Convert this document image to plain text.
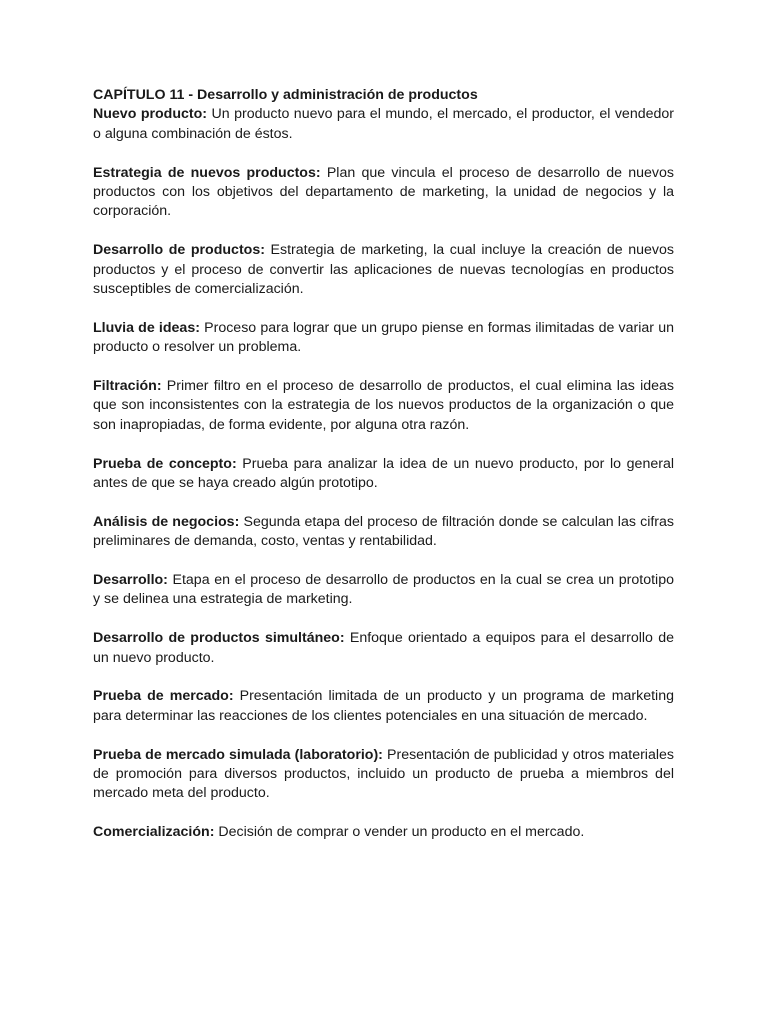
CAPÍTULO 11 - Desarrollo y administración de productos

Nuevo producto: Un producto nuevo para el mundo, el mercado, el productor, el vendedor o alguna combinación de éstos.

Estrategia de nuevos productos: Plan que vincula el proceso de desarrollo de nuevos productos con los objetivos del departamento de marketing, la unidad de negocios y la corporación.

Desarrollo de productos: Estrategia de marketing, la cual incluye la creación de nuevos productos y el proceso de convertir las aplicaciones de nuevas tecnologías en productos susceptibles de comercialización.

Lluvia de ideas: Proceso para lograr que un grupo piense en formas ilimitadas de variar un producto o resolver un problema.

Filtración: Primer filtro en el proceso de desarrollo de productos, el cual elimina las ideas que son inconsistentes con la estrategia de los nuevos productos de la organización o que son inapropiadas, de forma evidente, por alguna otra razón.

Prueba de concepto: Prueba para analizar la idea de un nuevo producto, por lo general antes de que se haya creado algún prototipo.

Análisis de negocios: Segunda etapa del proceso de filtración donde se calculan las cifras preliminares de demanda, costo, ventas y rentabilidad.

Desarrollo: Etapa en el proceso de desarrollo de productos en la cual se crea un prototipo y se delinea una estrategia de marketing.

Desarrollo de productos simultáneo: Enfoque orientado a equipos para el desarrollo de un nuevo producto.

Prueba de mercado: Presentación limitada de un producto y un programa de marketing para determinar las reacciones de los clientes potenciales en una situación de mercado.

Prueba de mercado simulada (laboratorio): Presentación de publicidad y otros materiales de promoción para diversos productos, incluido un producto de prueba a miembros del mercado meta del producto.

Comercialización: Decisión de comprar o vender un producto en el mercado.
